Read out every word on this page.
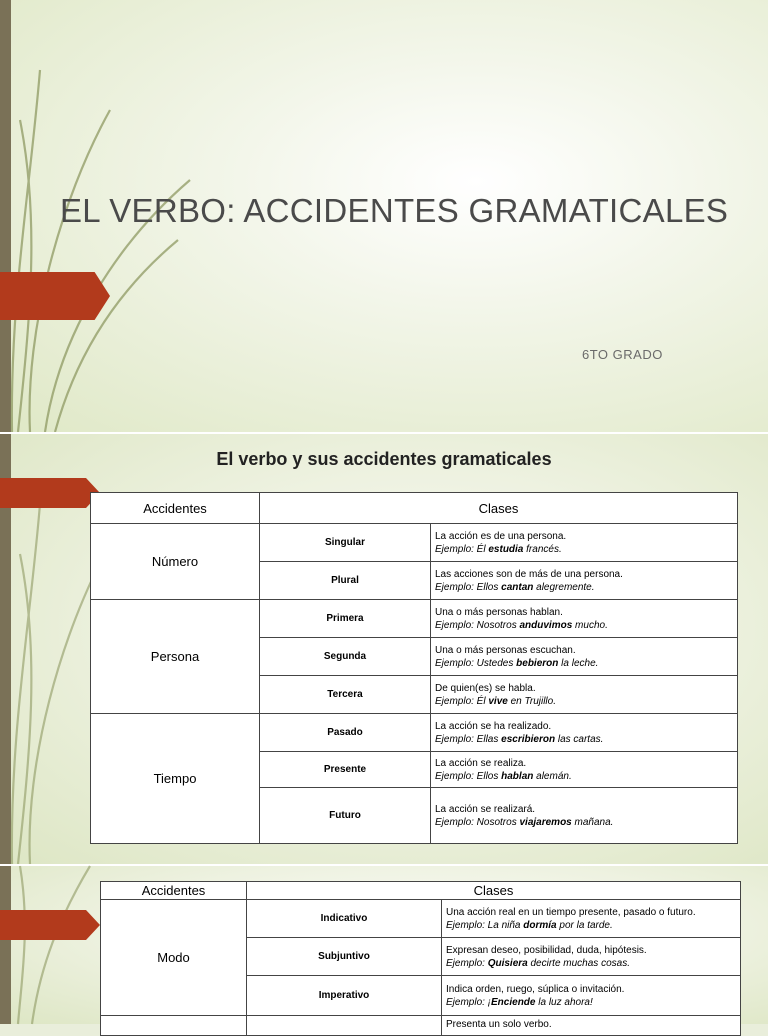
EL VERBO: ACCIDENTES GRAMATICALES
6TO GRADO
El verbo y sus accidentes gramaticales
Accidentes	Clases	
Número	Singular	La acción es de una persona.
Ejemplo: Él estudia francés.

	Plural	Las acciones son de más de una persona.
Ejemplo: Ellos cantan alegremente.

Persona	Primera	Una o más personas hablan.
Ejemplo: Nosotros anduvimos mucho.

	Segunda	Una o más personas escuchan.
Ejemplo: Ustedes bebieron la leche.

	Tercera	De quien(es) se habla.
Ejemplo: Él vive en Trujillo.

Tiempo	Pasado	La acción se ha realizado.
Ejemplo: Ellas escribieron las cartas.

	Presente	La acción se realiza.
Ejemplo: Ellos hablan alemán.

	Futuro	La acción se realizará.
Ejemplo: Nosotros viajaremos mañana.
Accidentes	Clases	
Modo	Indicativo	Una acción real en un tiempo presente, pasado o futuro.
Ejemplo: La niña dormía por la tarde.

	Subjuntivo	Expresan deseo, posibilidad, duda, hipótesis.
Ejemplo: Quisiera decirte muchas cosas.

	Imperativo	Indica orden, ruego, súplica o invitación.
Ejemplo: ¡Enciende la luz ahora!

		Presenta un solo verbo.
